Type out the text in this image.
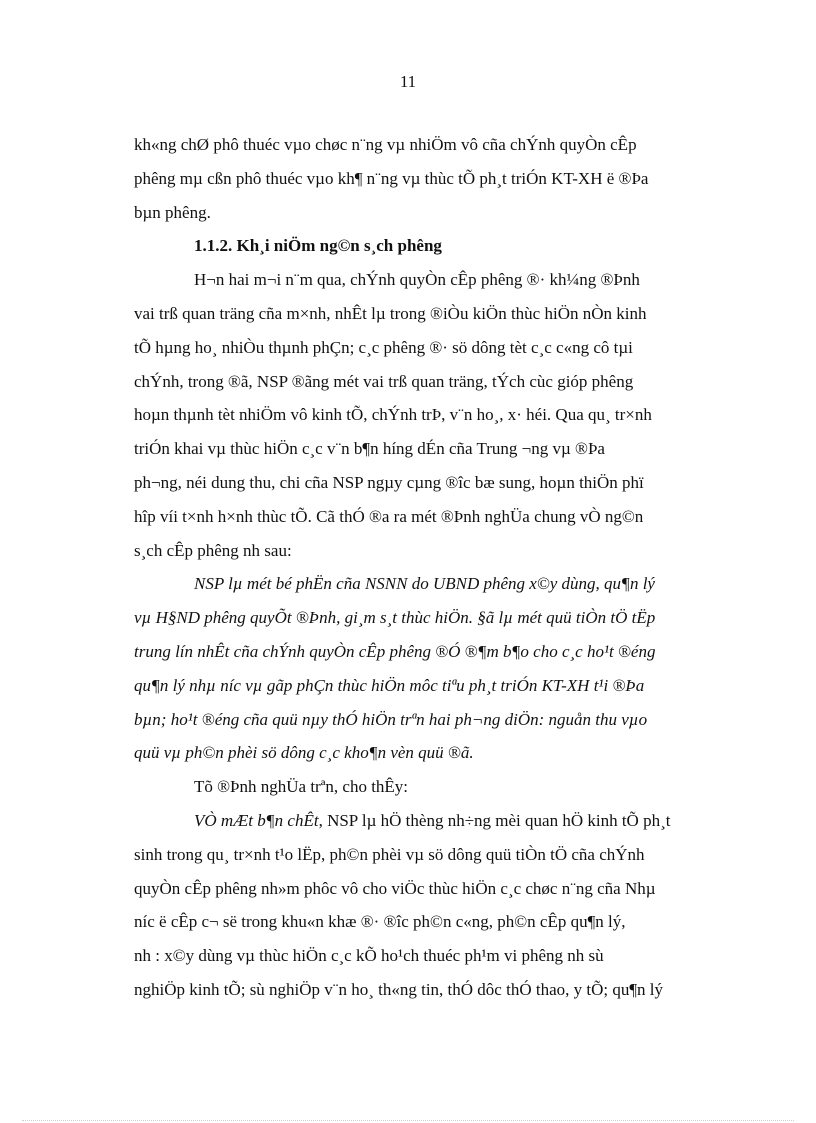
11

kh«ng chØ phô thuéc vµo chøc n¨ng vµ nhiÖm vô cña chÝnh quyÒn cÊp
phêng mµ cßn phô thuéc vµo kh¶ n¨ng vµ thùc tÕ ph¸t triÓn KT-XH ë ®Þa
bµn phêng.

1.1.2. Kh¸i niÖm ng©n s¸ch phêng

H¬n hai m¬i n¨m qua, chÝnh quyÒn cÊp phêng ®· kh¼ng ®Þnh
vai trß quan träng cña m×nh, nhÊt lµ trong ®iÒu kiÖn thùc hiÖn nÒn kinh
tÕ hµng ho¸ nhiÒu thµnh phÇn; c¸c phêng ®· sö dông tèt c¸c c«ng cô tµi
chÝnh, trong ®ã, NSP ®ãng mét vai trß quan träng, tÝch cùc gióp phêng
hoµn thµnh tèt nhiÖm vô kinh tÕ, chÝnh trÞ, v¨n ho¸, x· héi. Qua qu¸ tr×nh
triÓn khai vµ thùc hiÖn c¸c v¨n b¶n híng dÉn cña Trung ¬ng vµ ®Þa
ph¬ng, néi dung thu, chi cña NSP ngµy cµng ®îc bæ sung, hoµn thiÖn phï
hîp víi t×nh h×nh thùc tÕ. Cã thÓ ®a ra mét ®Þnh nghÜa chung vÒ ng©n
s¸ch cÊp phêng nh sau:

NSP lµ mét bé phËn cña NSNN do UBND phêng x©y dùng, qu¶n lý
vµ H§ND phêng quyÕt ®Þnh, gi¸m s¸t thùc hiÖn. §ã lµ mét quü tiÒn tÖ tËp
trung lín nhÊt cña chÝnh quyÒn cÊp phêng ®Ó ®¶m b¶o cho c¸c ho¹t ®éng
qu¶n lý nhµ níc vµ gãp phÇn thùc hiÖn môc tiªu ph¸t triÓn KT-XH t¹i ®Þa
bµn; ho¹t ®éng cña quü nµy thÓ hiÖn trªn hai ph¬ng diÖn: nguån thu vµo
quü vµ ph©n phèi sö dông c¸c kho¶n vèn quü ®ã.

Tõ ®Þnh nghÜa trªn, cho thÊy:

VÒ mÆt b¶n chÊt, NSP lµ hÖ thèng nh÷ng mèi quan hÖ kinh tÕ ph¸t
sinh trong qu¸ tr×nh t¹o lËp, ph©n phèi vµ sö dông quü tiÒn tÖ cña chÝnh
quyÒn cÊp phêng nh»m phôc vô cho viÖc thùc hiÖn c¸c chøc n¨ng cña Nhµ
níc ë cÊp c¬ së trong khu«n khæ ®· ®îc ph©n c«ng, ph©n cÊp qu¶n lý,
nh : x©y dùng vµ thùc hiÖn c¸c kÕ ho¹ch thuéc ph¹m vi phêng nh sù
nghiÖp kinh tÕ; sù nghiÖp v¨n ho¸ th«ng tin, thÓ dôc thÓ thao, y tÕ; qu¶n lý
